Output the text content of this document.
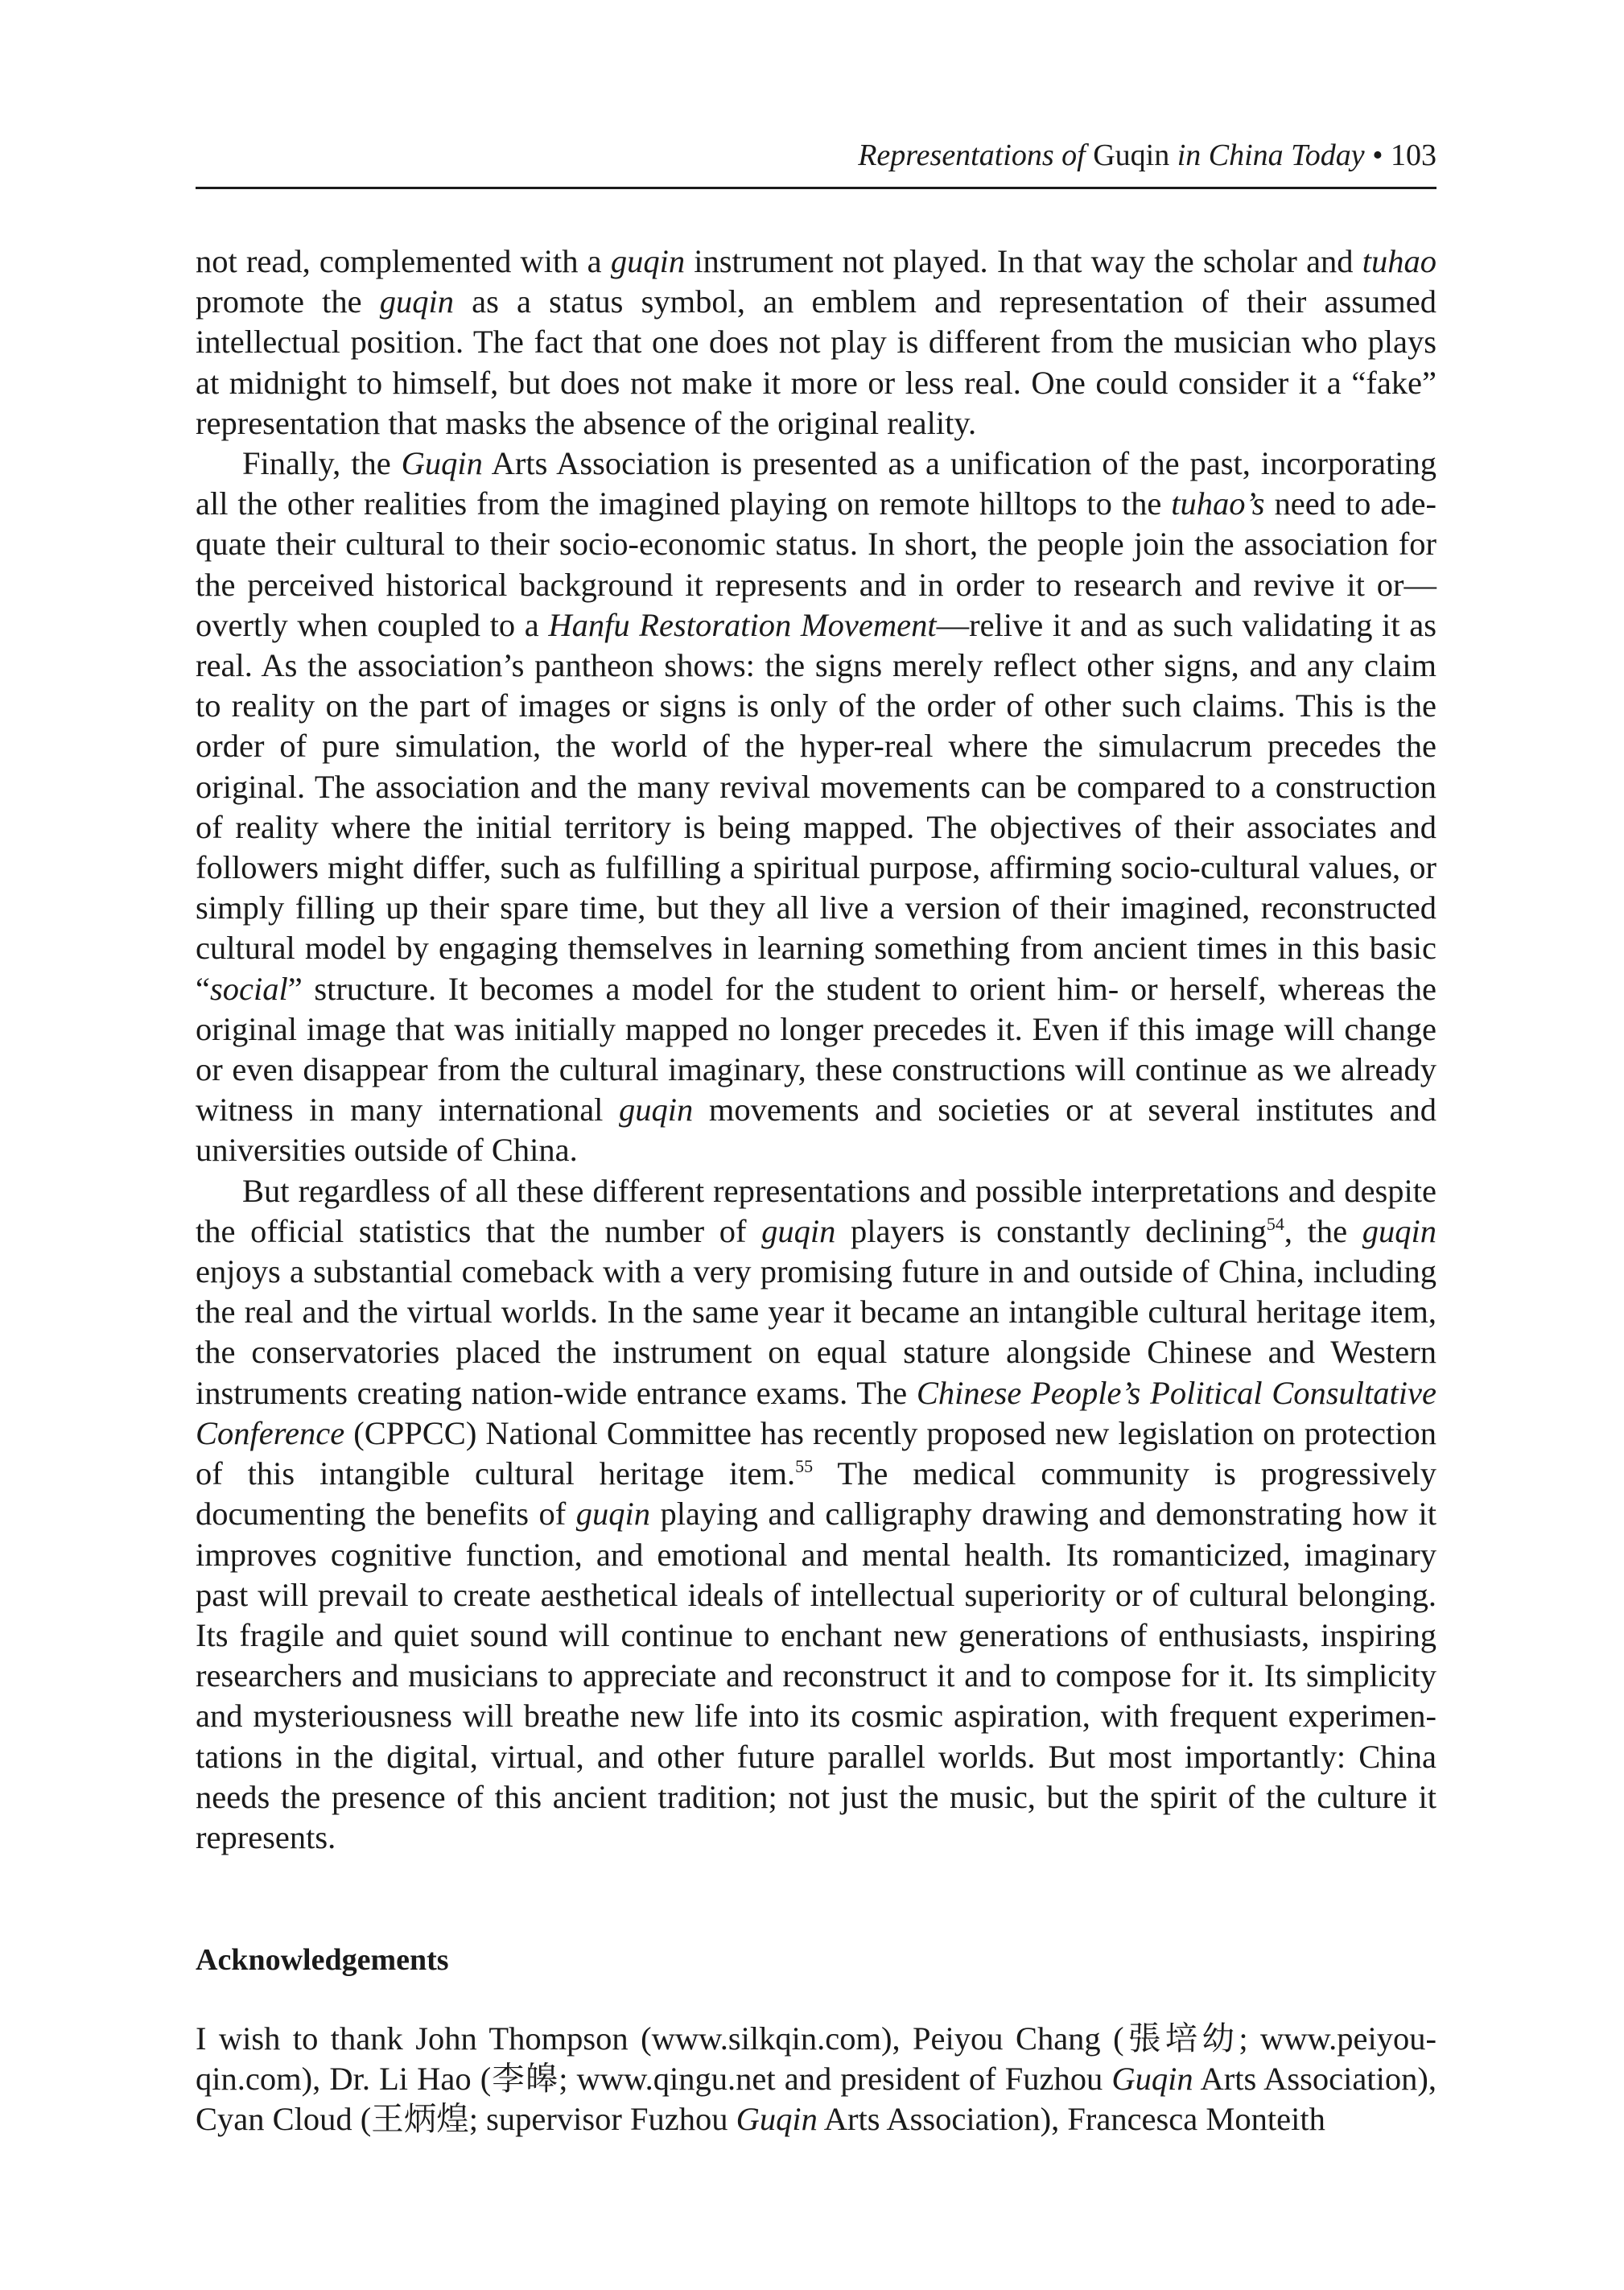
Representations of Guqin in China Today • 103

not read, complemented with a guqin instrument not played. In that way the scholar and tuhao promote the guqin as a status symbol, an emblem and representation of their assumed intellectual position. The fact that one does not play is different from the musician who plays at midnight to himself, but does not make it more or less real. One could consider it a “fake” representation that masks the absence of the original reality.

Finally, the Guqin Arts Association is presented as a unification of the past, incorporating all the other realities from the imagined playing on remote hilltops to the tuhao’s need to adequate their cultural to their socio-economic status. In short, the people join the association for the perceived historical background it represents and in order to research and revive it or—overtly when coupled to a Hanfu Restoration Movement—relive it and as such validating it as real. As the association’s pantheon shows: the signs merely reflect other signs, and any claim to reality on the part of images or signs is only of the order of other such claims. This is the order of pure simulation, the world of the hyper-real where the simulacrum precedes the original. The association and the many revival movements can be compared to a construction of reality where the initial territory is being mapped. The objectives of their associates and followers might differ, such as fulfilling a spiritual purpose, affirming socio-cultural values, or simply filling up their spare time, but they all live a version of their imagined, reconstructed cultural model by engaging themselves in learning something from ancient times in this basic “social” structure. It becomes a model for the student to orient him- or herself, whereas the original image that was initially mapped no longer precedes it. Even if this image will change or even disappear from the cultural imaginary, these constructions will continue as we already witness in many international guqin movements and societies or at several institutes and universities outside of China.

But regardless of all these different representations and possible interpretations and despite the official statistics that the number of guqin players is constantly declining$^{54}$, the guqin enjoys a substantial comeback with a very promising future in and outside of China, including the real and the virtual worlds. In the same year it became an intangible cultural heritage item, the conservatories placed the instrument on equal stature alongside Chinese and Western instruments creating nation-wide entrance exams. The Chinese People’s Political Consultative Conference (CPPCC) National Committee has recently proposed new legislation on protection of this intangible cultural heritage item.$^{55}$ The medical community is progressively documenting the benefits of guqin playing and calligraphy drawing and demonstrating how it improves cognitive function, and emotional and mental health. Its romanticized, imaginary past will prevail to create aesthetical ideals of intellectual superiority or of cultural belonging. Its fragile and quiet sound will continue to enchant new generations of enthusiasts, inspiring researchers and musicians to appreciate and reconstruct it and to compose for it. Its simplicity and mysteriousness will breathe new life into its cosmic aspiration, with frequent experimentations in the digital, virtual, and other future parallel worlds. But most importantly: China needs the presence of this ancient tradition; not just the music, but the spirit of the culture it represents.

Acknowledgements

I wish to thank John Thompson (www.silkqin.com), Peiyou Chang (張培幼; www.peiyouqin.com), Dr. Li Hao (李皞; www.qingu.net and president of Fuzhou Guqin Arts Association), Cyan Cloud (王炳煌; supervisor Fuzhou Guqin Arts Association), Francesca Monteith
